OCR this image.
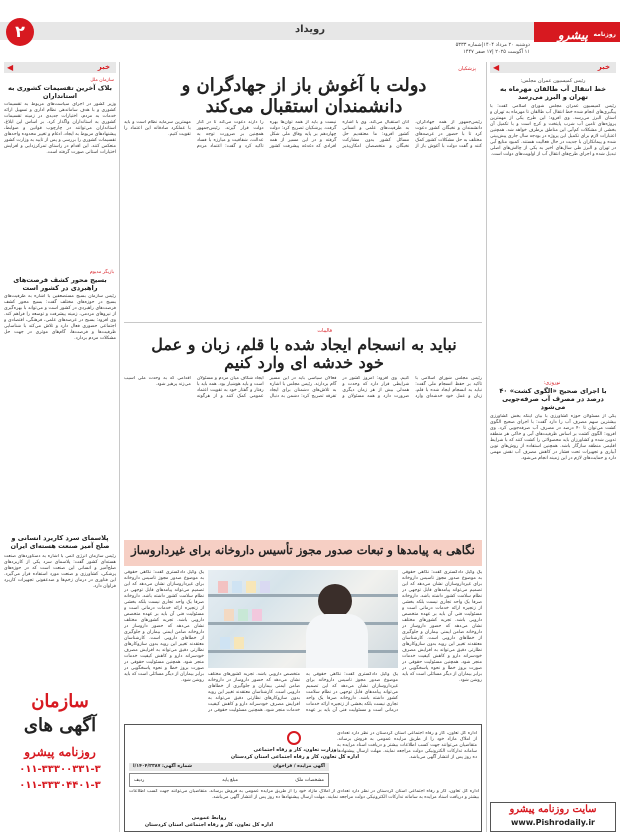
۲	رویداد	روزنامه پیشرو
دوشنبه ۲۰ مرداد ۱۴۰۴|شماره ۵۳۳۳
۱۱ آگوست ۲۰۲۵ |۱۷ صفر ۱۴۴۷
خبر
◀
سازمان ملل
بلاک آخرین تقسیمات کشوری به استانداران
وزیر کشور در اجرای سیاست‌های مربوط به تقسیمات کشوری و با هدف ساماندهی نظام اداری و تسهیل ارائه خدمات به مردم، اختیارات جدیدی در زمینه تقسیمات کشوری به استانداران واگذار کرد. بر اساس این ابلاغ، استانداران می‌توانند در چارچوب قوانین و ضوابط، پیشنهادهای مربوط به ایجاد، ادغام و تغییر محدوده واحدهای تقسیمات کشوری را بررسی و پس از تایید به وزارت کشور منعکس کنند. این اقدام در راستای تمرکززدایی و افزایش اختیارات استانی صورت گرفته است.
بازیگر مدیوم
بسیج محور کشف فرصت‌های راهبردی در کشور است
رئیس سازمان بسیج مستضعفین با اشاره به ظرفیت‌های بسیج در حوزه‌های مختلف گفت: بسیج محور کشف فرصت‌های راهبردی در کشور است و می‌تواند با بهره‌گیری از نیروهای مردمی، زمینه پیشرفت و توسعه را فراهم کند. وی افزود: بسیج در عرصه‌های علمی، فرهنگی، اقتصادی و اجتماعی حضوری فعال دارد و تلاش می‌کند با شناسایی ظرفیت‌ها و فرصت‌ها، گام‌های موثری در جهت حل مشکلات مردم بردارد.
پلاسمای سرد کاربرد انسانی و صلح آمیز صنعت هسته‌ای ایران
رئیس سازمان انرژی اتمی با اشاره به دستاوردهای صنعت هسته‌ای کشور گفت: پلاسمای سرد یکی از کاربردهای صلح‌آمیز و انسانی این صنعت است که در حوزه‌های پزشکی، کشاورزی و صنعت مورد استفاده قرار می‌گیرد. این فناوری در درمان زخم‌ها و ضدعفونی تجهیزات کاربرد فراوان دارد.
سازمان
آگهی های
روزنامه پیشرو
۰۱۱-۳۳۳۰۰۳۳۱-۳
۰۱۱-۳۳۳۰۴۴۰۱-۳
خبر
◀
رئیس کمیسیون عمران مجلس:
خط انتقال آب طالقان مهرماه به تهران و البرز می‌رسد
رئیس کمیسیون عمران مجلس شورای اسلامی گفت: با پیگیری‌های انجام شده خط انتقال آب طالقان تا مهرماه به تهران و استان البرز می‌رسد. وی افزود: این طرح یکی از مهمترین پروژه‌های تامین آب شرب پایتخت و کرج است و با تکمیل آن بخشی از مشکلات کم‌آبی این مناطق برطرف خواهد شد. همچنین اعتبارات لازم برای تکمیل این پروژه در بودجه سال جاری پیش‌بینی شده و پیمانکاران با جدیت در حال فعالیت هستند. کمبود منابع آبی در تهران و البرز طی سال‌های اخیر به یکی از چالش‌های اصلی تبدیل شده و اجرای طرح‌های انتقال آب از اولویت‌های دولت است.
نوروزی:
با اجرای صحیح «الگوی کشت» ۴۰ درصد در مصرف آب صرفه‌جویی می‌شود
یکی از مسئولان حوزه کشاورزی با بیان اینکه بخش کشاورزی بیشترین سهم مصرف آب را دارد گفت: با اجرای صحیح الگوی کشت می‌توان تا ۴۰ درصد در مصرف آب صرفه‌جویی کرد. وی افزود: الگوی کشت بر اساس ظرفیت‌های آبی و خاکی هر منطقه تدوین شده و کشاورزان باید محصولاتی را کشت کنند که با شرایط اقلیمی منطقه سازگار باشد. همچنین استفاده از روش‌های نوین آبیاری و تجهیزات تحت فشار در کاهش مصرف آب نقش مهمی دارد و حمایت‌های لازم در این زمینه انجام می‌شود.
سایت روزنامه پیشرو
www.Pishrodaily.ir
پزشکیان
دولت با آغوش باز از جهادگران و دانشمندان استقبال می‌کند
رئیس‌جمهور از همه جهادگران، دانشمندان و نخبگان کشور دعوت کرد تا با حضور در عرصه‌های مختلف به حل مشکلات کشور کمک کنند و گفت دولت با آغوش باز از آنان استقبال می‌کند. وی با اشاره به ظرفیت‌های علمی و انسانی کشور افزود: ما معتقدیم حل مسائل کشور بدون مشارکت نخبگان و متخصصان امکان‌پذیر نیست و باید از همه توان‌ها بهره گرفت. پزشکیان تصریح کرد: دولت چهاردهم بر پایه وفاق ملی شکل گرفته و در این مسیر از همه افرادی که دغدغه پیشرفت کشور را دارند دعوت می‌کند تا در کنار دولت قرار گیرند. رئیس‌جمهور همچنین بر ضرورت توجه به عدالت، شفافیت و مبارزه با فساد تاکید کرد و گفت: اعتماد مردم مهمترین سرمایه نظام است و باید با عملکرد صادقانه این اعتماد را تقویت کنیم.
فالیبات
نباید به انسجام ایجاد شده با قلم، زبان و عمل خود خدشه ای وارد کنیم
رئیس مجلس شورای اسلامی با تاکید بر حفظ انسجام ملی گفت: نباید به انسجام ایجاد شده با قلم، زبان و عمل خود خدشه‌ای وارد کنیم. وی افزود: امروز کشور در شرایطی قرار دارد که وحدت و همدلی بیش از هر زمان دیگری ضرورت دارد و همه مسئولان و فعالان سیاسی باید در این مسیر گام بردارند. رئیس مجلس با اشاره به تلاش‌های دشمنان برای ایجاد تفرقه تصریح کرد: دشمن به دنبال ایجاد شکاف میان مردم و مسئولان است و باید هوشیار بود. همه باید با رفتار و گفتار خود به تقویت اعتماد عمومی کمک کنند و از هرگونه اقدامی که به وحدت ملی آسیب می‌زند پرهیز شود.
نگاهی به پیامدها و تبعات صدور مجوز تأسیس داروخانه برای غیرداروساز
یک وکیل دادگستری گفت: نگاهی حقوقی به موضوع صدور مجوز تاسیس داروخانه برای غیرداروسازان نشان می‌دهد که این تصمیم می‌تواند پیامدهای قابل توجهی در نظام سلامت کشور داشته باشد. داروخانه صرفا یک واحد تجاری نیست بلکه بخشی از زنجیره ارائه خدمات درمانی است و مسئولیت فنی آن باید بر عهده متخصص دارویی باشد. تجربه کشورهای مختلف نشان می‌دهد که حضور داروساز در داروخانه ضامن ایمنی بیماران و جلوگیری از خطاهای دارویی است. کارشناسان معتقدند تغییر این رویه بدون سازوکارهای نظارتی دقیق می‌تواند به افزایش مصرف خودسرانه دارو و کاهش کیفیت خدمات منجر شود. همچنین مسئولیت حقوقی در صورت بروز خطا و نحوه پاسخگویی در برابر بیماران از دیگر مسائلی است که باید روشن شود.
یک وکیل دادگستری گفت: نگاهی حقوقی به موضوع صدور مجوز تاسیس داروخانه برای غیرداروسازان نشان می‌دهد که این تصمیم می‌تواند پیامدهای قابل توجهی در نظام سلامت کشور داشته باشد. داروخانه صرفا یک واحد تجاری نیست بلکه بخشی از زنجیره ارائه خدمات درمانی است و مسئولیت فنی آن باید بر عهده متخصص دارویی باشد. تجربه کشورهای مختلف نشان می‌دهد که حضور داروساز در داروخانه ضامن ایمنی بیماران و جلوگیری از خطاهای دارویی است. کارشناسان معتقدند تغییر این رویه بدون سازوکارهای نظارتی دقیق می‌تواند به افزایش مصرف خودسرانه دارو و کاهش کیفیت خدمات منجر شود. همچنین مسئولیت حقوقی در صورت بروز خطا و نحوه پاسخگویی در برابر بیماران از دیگر مسائلی است که باید روشن شود.
یک وکیل دادگستری گفت: نگاهی حقوقی به موضوع صدور مجوز تاسیس داروخانه برای غیرداروسازان نشان می‌دهد که این تصمیم می‌تواند پیامدهای قابل توجهی در نظام سلامت کشور داشته باشد. داروخانه صرفا یک واحد تجاری نیست بلکه بخشی از زنجیره ارائه خدمات درمانی است و مسئولیت فنی آن باید بر عهده متخصص دارویی باشد. تجربه کشورهای مختلف نشان می‌دهد که حضور داروساز در داروخانه ضامن ایمنی بیماران و جلوگیری از خطاهای دارویی است. کارشناسان معتقدند تغییر این رویه بدون سازوکارهای نظارتی دقیق می‌تواند به افزایش مصرف خودسرانه دارو و کاهش کیفیت خدمات منجر شود. همچنین مسئولیت حقوقی در
وزارت تعاون، کار و رفاه اجتماعی
اداره کل تعاون، کار و رفاه اجتماعی استان کردستان
شماره آگهی: ۱۴۰۴/۲۳۸۷/ا	آگهی مزایده / فراخوان
مشخصات ملک
مبلغ پایه
ردیف
اداره کل تعاون، کار و رفاه اجتماعی استان کردستان در نظر دارد تعدادی از املاک مازاد خود را از طریق مزایده عمومی به فروش برساند. متقاضیان می‌توانند جهت کسب اطلاعات بیشتر و دریافت اسناد مزایده به سامانه تدارکات الکترونیکی دولت مراجعه نمایند. مهلت ارسال پیشنهادها ده روز پس از انتشار آگهی می‌باشد.
روابط عمومی
اداره کل تعاون، کار و رفاه اجتماعی استان کردستان
اداره کل تعاون، کار و رفاه اجتماعی استان کردستان در نظر دارد تعدادی از املاک مازاد خود را از طریق مزایده عمومی به فروش برساند. متقاضیان می‌توانند جهت کسب اطلاعات بیشتر و دریافت اسناد مزایده به سامانه تدارکات الکترونیکی دولت مراجعه نمایند. مهلت ارسال پیشنهادها ده روز پس از انتشار آگهی می‌باشد.
